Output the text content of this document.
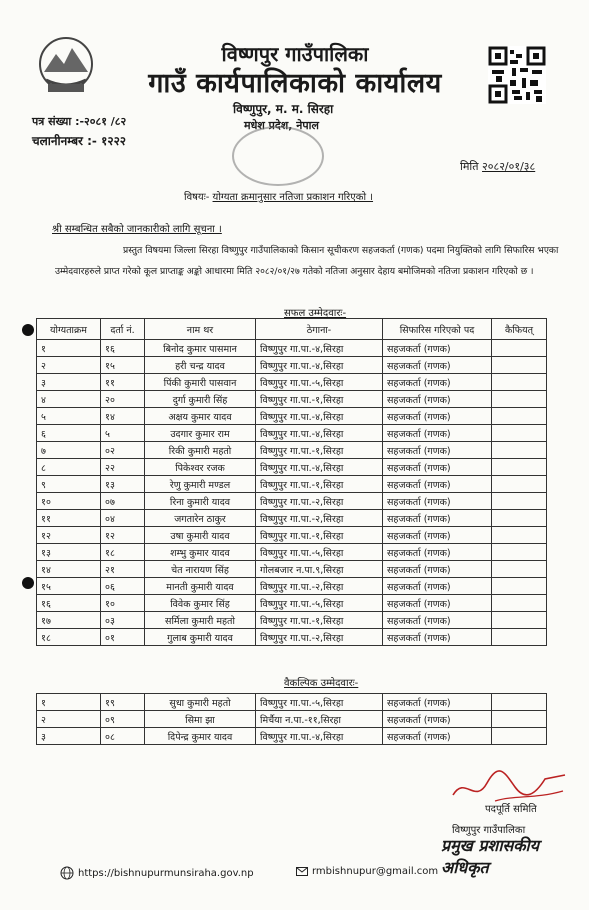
विष्णपुर गाउँपालिका
गाउँ कार्यपालिकाको कार्यालय
विष्णुपुर, म. म. सिरहा
मधेश प्रदेश, नेपाल
पत्र संख्या :-२०८१ /८२
चलानीनम्बर :- १२२२
मिति २०८२/०१/३८
विषयः- योग्यता क्रमानुसार नतिजा प्रकाशन गरिएको ।
श्री सम्बन्धित सबैको जानकारीको लागि सूचना ।
प्रस्तुत विषयमा जिल्ला सिरहा विष्णुपुर गाउँपालिकाको किसान सूचीकरण सहजकर्ता (गणक) पदमा नियुक्तिको लागि सिफारिस भएका उम्मेदवारहरुले प्राप्त गरेको कूल प्राप्ताङ्क अङ्को आधारमा मिति २०८२/०१/२७ गतेको नतिजा अनुसार देहाय बमोजिमको नतिजा प्रकाशन गरिएको छ ।
सफल उम्मेदवारः-
योग्यताक्रम	दर्ता नं.	नाम थर	ठेगाना-	सिफारिस गरिएको पद	कैफियत्
१	१६	बिनोद कुमार पासमान	विष्णुपुर गा.पा.-४,सिरहा	सहजकर्ता (गणक)	
२	१५	हरी चन्द्र यादव	विष्णुपुर गा.पा.-४,सिरहा	सहजकर्ता (गणक)	
३	११	पिंकी कुमारी पासवान	विष्णुपुर गा.पा.-५,सिरहा	सहजकर्ता (गणक)	
४	२०	दुर्गा कुमारी सिंह	विष्णुपुर गा.पा.-१,सिरहा	सहजकर्ता (गणक)	
५	१४	अक्षय कुमार यादव	विष्णुपुर गा.पा.-४,सिरहा	सहजकर्ता (गणक)	
६	५	उदगार कुमार राम	विष्णुपुर गा.पा.-४,सिरहा	सहजकर्ता (गणक)	
७	०२	रिकी कुमारी महतो	विष्णुपुर गा.पा.-१,सिरहा	सहजकर्ता (गणक)	
८	२२	पिकेश्वर रजक	विष्णुपुर गा.पा.-४,सिरहा	सहजकर्ता (गणक)	
९	१३	रेणु कुमारी मण्डल	विष्णुपुर गा.पा.-१,सिरहा	सहजकर्ता (गणक)	
१०	०७	रिना कुमारी यादव	विष्णुपुर गा.पा.-२,सिरहा	सहजकर्ता (गणक)	
११	०४	जगतारेन ठाकुर	विष्णुपुर गा.पा.-२,सिरहा	सहजकर्ता (गणक)	
१२	१२	उषा कुमारी यादव	विष्णुपुर गा.पा.-१,सिरहा	सहजकर्ता (गणक)	
१३	१८	शम्भु कुमार यादव	विष्णुपुर गा.पा.-५,सिरहा	सहजकर्ता (गणक)	
१४	२१	चेत नारायण सिंह	गोलबजार न.पा.९,सिरहा	सहजकर्ता (गणक)	
१५	०६	मानती कुमारी यादव	विष्णुपुर गा.पा.-२,सिरहा	सहजकर्ता (गणक)	
१६	१०	विवेक कुमार सिंह	विष्णुपुर गा.पा.-५,सिरहा	सहजकर्ता (गणक)	
१७	०३	सर्मिला कुमारी महतो	विष्णुपुर गा.पा.-१,सिरहा	सहजकर्ता (गणक)	
१८	०१	गुलाब कुमारी यादव	विष्णुपुर गा.पा.-२,सिरहा	सहजकर्ता (गणक)	
वैकल्पिक उम्मेदवारः-
१	१९	सुधा कुमारी महतो	विष्णुपुर गा.पा.-५,सिरहा	सहजकर्ता (गणक)	
२	०९	सिमा झा	मिर्चैया न.पा.-११,सिरहा	सहजकर्ता (गणक)	
३	०८	दिपेन्द्र कुमार यादव	विष्णुपुर गा.पा.-४,सिरहा	सहजकर्ता (गणक)	
पदपूर्ति समिति
विष्णुपुर गाउँपालिका
प्रमुख प्रशासकीय अधिकृत
https://bishnupurmunsiraha.gov.np	rmbishnupur@gmail.com
